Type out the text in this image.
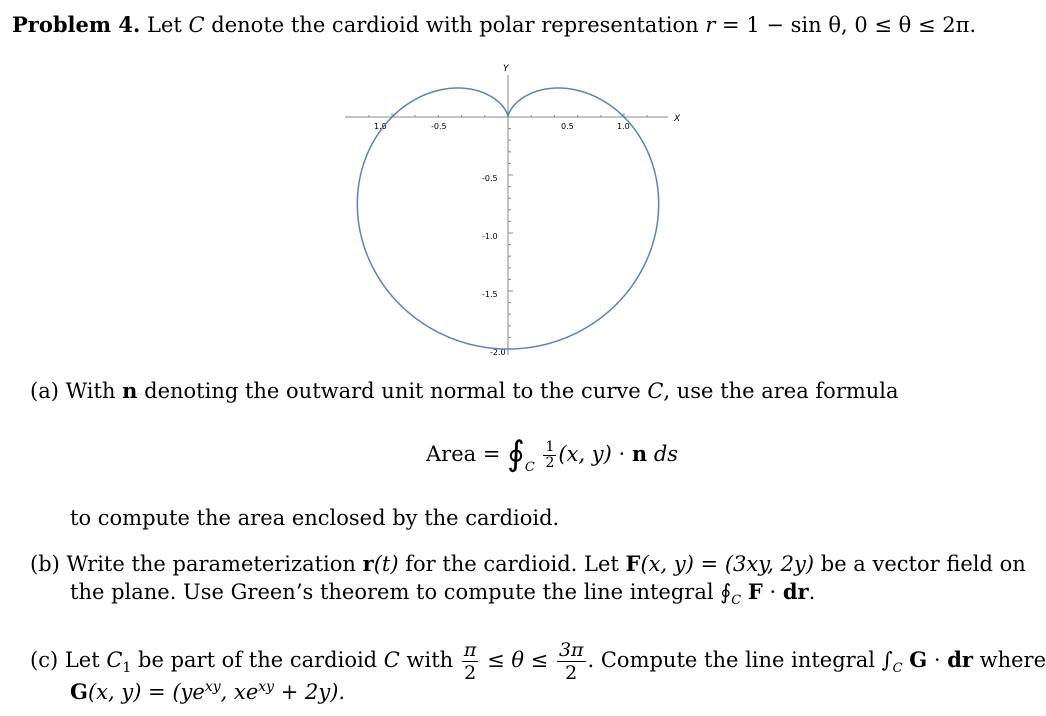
Problem 4. Let C denote the cardioid with polar representation r = 1 − sin θ, 0 ≤ θ ≤ 2π.
X
Y
1.0	-0.5	0.5	1.0
-0.5
-1.0
-1.5
-2.0
(a) With n denoting the outward unit normal to the curve C, use the area formula
Area = $∮_C \frac{1}{2} (x$, y) · n ds
to compute the area enclosed by the cardioid.
(b) Write the parameterization r(t) for the cardioid. Let F(x, y) = (3xy, 2y) be a vector field on
the plane. Use Green’s theorem to compute the line integral $∮_C$ F · dr.
(c) Let $C_1$ be part of the cardioid C with $\frac{\pi}{2} \le \theta \le \frac{3\pi}{2}$ . Compute the line integral $\int_C$ G · dr where
G(x, $y) = (ye^{xy}$, $xe^{xy} + 2y$).
